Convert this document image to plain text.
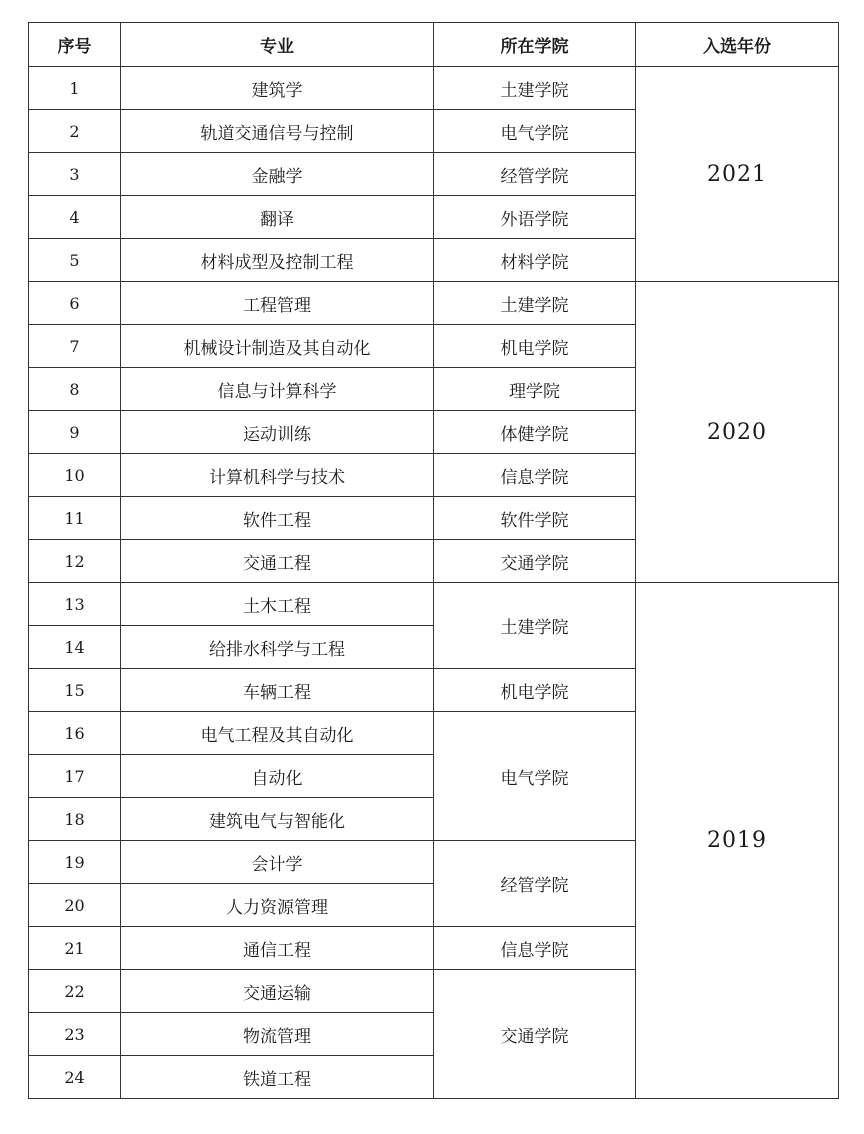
序号	专业	所在学院	入选年份
1	建筑学	土建学院	2021
2	轨道交通信号与控制	电气学院	
3	金融学	经管学院	
4	翻译	外语学院	
5	材料成型及控制工程	材料学院	
6	工程管理	土建学院	2020
7	机械设计制造及其自动化	机电学院	
8	信息与计算科学	理学院	
9	运动训练	体健学院	
10	计算机科学与技术	信息学院	
11	软件工程	软件学院	
12	交通工程	交通学院	
13	土木工程	土建学院	2019
14	给排水科学与工程		
15	车辆工程	机电学院	
16	电气工程及其自动化	电气学院	
17	自动化		
18	建筑电气与智能化		
19	会计学	经管学院	
20	人力资源管理		
21	通信工程	信息学院	
22	交通运输	交通学院	
23	物流管理		
24	铁道工程		
